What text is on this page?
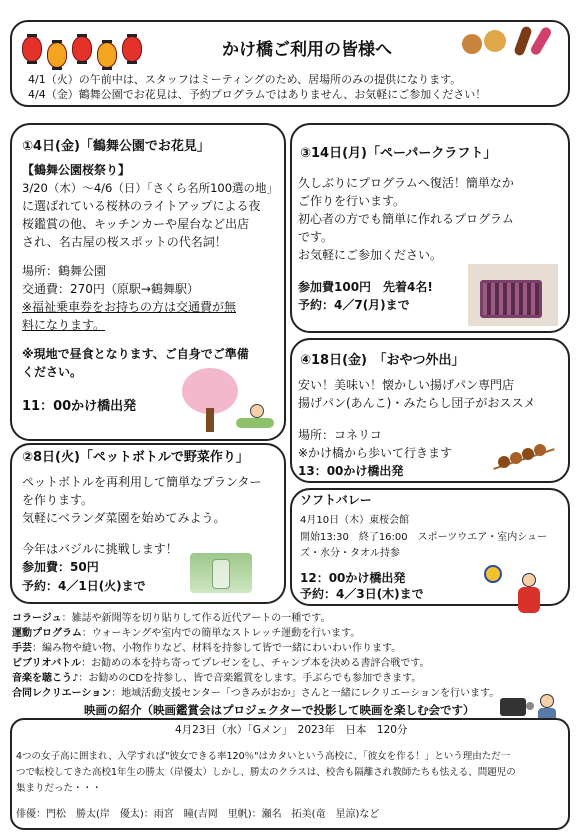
かけ橋ご利用の皆様へ
4/1（火）の午前中は、スタッフはミーティングのため、居場所のみの提供になります。
4/4（金）鶴舞公園でお花見は、予約プログラムではありません、お気軽にご参加ください！
①4日(金)「鶴舞公園でお花見」
【鶴舞公園桜祭り】
3/20（木）～4/6（日）「さくら名所100選の地」
に選ばれている桜林のライトアップによる夜
桜鑑賞の他、キッチンカーや屋台など出店
され、名古屋の桜スポットの代名詞！
場所：鶴舞公園
交通費：270円（原駅→鶴舞駅）
※福祉乗車券をお持ちの方は交通費が無
料になります。
※現地で昼食となります、ご自身でご準備
ください。
11：00かけ橋出発
②8日(火)「ペットボトルで野菜作り」
ペットボトルを再利用して簡単なプランター
を作ります。
気軽にベランダ菜園を始めてみよう。
今年はバジルに挑戦します！
参加費：50円
予約：4／1日(火)まで
③14日(月)「ペーパークラフト」
久しぶりにプログラムへ復活！簡単なか
ご作りを行います。
初心者の方でも簡単に作れるプログラム
です。
お気軽にご参加ください。
参加費100円　先着4名!
予約：4／7(月)まで
④18日(金)　「おやつ外出」
安い！美味い！懐かしい揚げパン専門店
揚げパン(あんこ)・みたらし団子がおススメ
場所：コネリコ
※かけ橋から歩いて行きます
13：00かけ橋出発
ソフトバレー
4月10日（木）東桜会館
開始13:30　終了16:00　スポーツウエア・室内シュー
ズ・水分・タオル持参
12：00かけ橋出発
予約：4／3日(木)まで
コラージュ：雑誌や新聞等を切り貼りして作る近代アートの一種です。
運動プログラム：ウォーキングや室内での簡単なストレッチ運動を行います。
手芸：編み物や縫い物、小物作りなど、材料を持参して皆で一緒にわいわい作ります。
ビブリオバトル：お勧めの本を持ち寄ってプレゼンをし、チャンプ本を決める書評合戦です。
音楽を聴こう♪：お勧めのCDを持参し、皆で音楽鑑賞をします。手ぶらでも参加できます。
合同レクリエーション：地域活動支援センター「つきみがおか」さんと一緒にレクリエーションを行います。
映画の紹介（映画鑑賞会はプロジェクターで投影して映画を楽しむ会です）
4月23日（水）「Gメン」　2023年　日本　120分
4つの女子高に囲まれ、入学すれば"彼女できる率120％"はカタいという高校に、「彼女を作る！」という理由ただ一
つで転校してきた高校1年生の勝太（岸優太）しかし、勝太のクラスは、校舎も隔離され教師たちも怯える、問題児の
集まりだった・・・
俳優：門松　勝太(岸　優太)：雨宮　瞳(吉岡　里帆)：瀬名　拓美(竜　星涼)など
